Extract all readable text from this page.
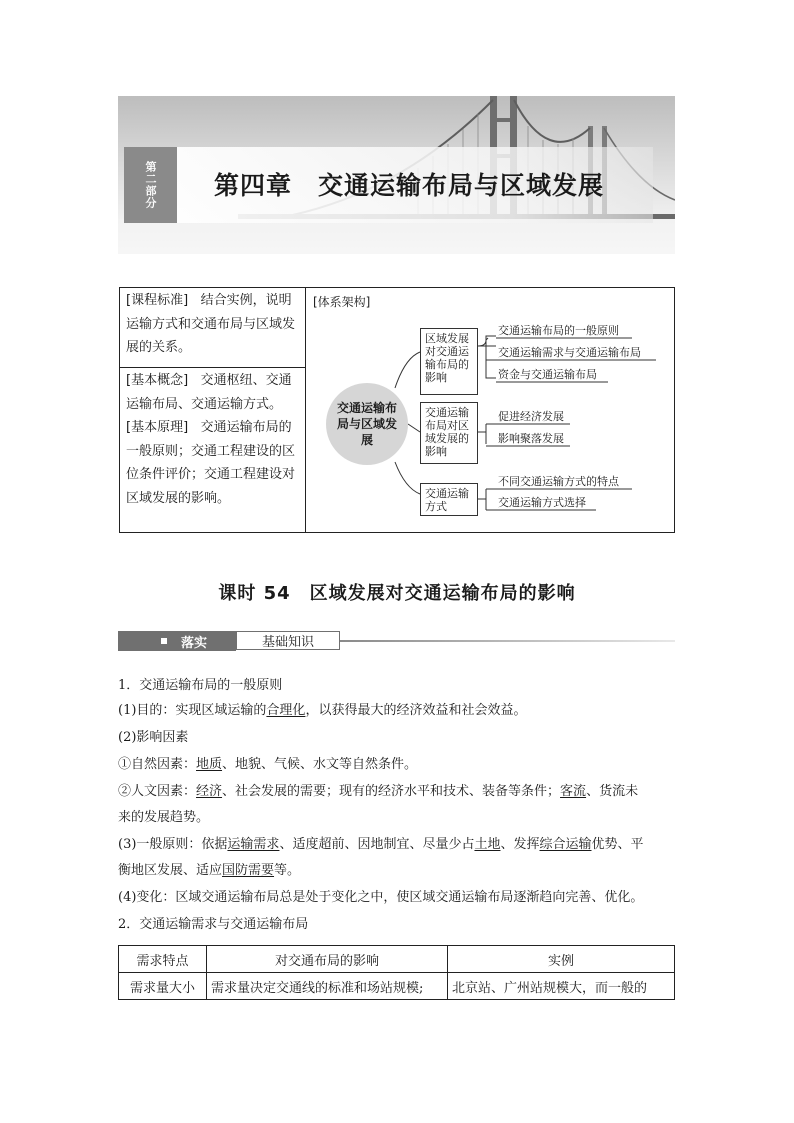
第二部分	第四章　交通运输布局与区域发展
[课程标准] 结合实例，说明运输方式和交通布局与区域发展的关系。
[基本概念] 交通枢纽、交通运输布局、交通运输方式。
[基本原理] 交通运输布局的一般原则；交通工程建设的区位条件评价；交通工程建设对区域发展的影响。
[体系架构]
交通运输布局与区域发展
区域发展对交通运输布局的影响
交通运输布局对区域发展的影响
交通运输方式
交通运输布局的一般原则
交通运输需求与交通运输布局
资金与交通运输布局
促进经济发展
影响聚落发展
不同交通运输方式的特点
交通运输方式选择
课时 54　区域发展对交通运输布局的影响
落实	基础知识
1．交通运输布局的一般原则
(1)目的：实现区域运输的合理化，以获得最大的经济效益和社会效益。
(2)影响因素
①自然因素：地质、地貌、气候、水文等自然条件。
②人文因素：经济、社会发展的需要；现有的经济水平和技术、装备等条件；客流、货流未
来的发展趋势。
(3)一般原则：依据运输需求、适度超前、因地制宜、尽量少占土地、发挥综合运输优势、平
衡地区发展、适应国防需要等。
(4)变化：区域交通运输布局总是处于变化之中，使区域交通运输布局逐渐趋向完善、优化。
2．交通运输需求与交通运输布局
需求特点	对交通布局的影响	实例
需求量大小	需求量决定交通线的标准和场站规模;	北京站、广州站规模大，而一般的
